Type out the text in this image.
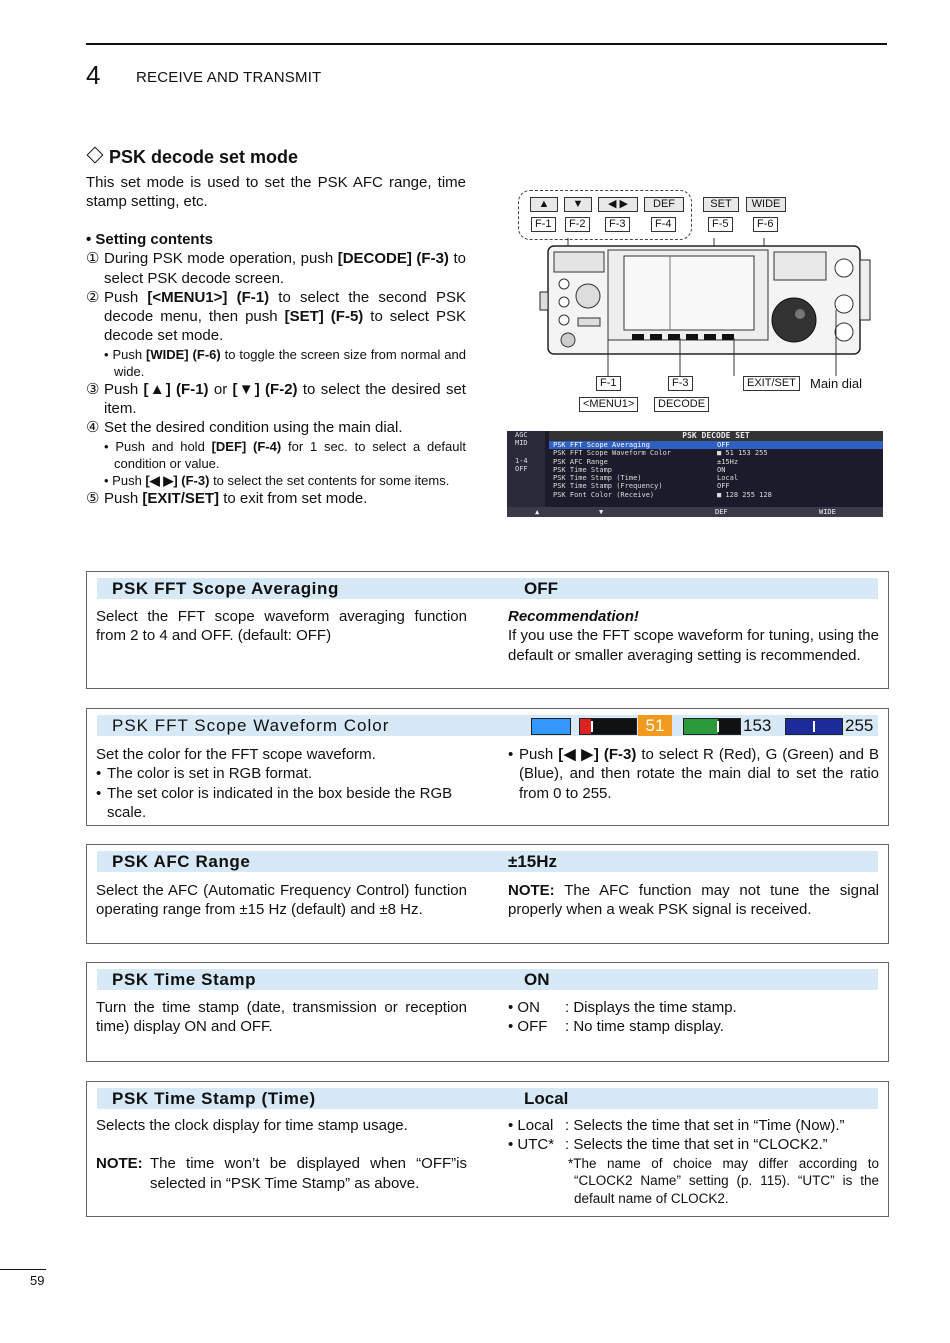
4 RECEIVE AND TRANSMIT
PSK decode set mode
This set mode is used to set the PSK AFC range, time stamp setting, etc.
• Setting contents
① During PSK mode operation, push [DECODE] (F-3) to select PSK decode screen.
② Push [<MENU1>] (F-1) to select the second PSK decode menu, then push [SET] (F-5) to select PSK decode set mode.
• Push [WIDE] (F-6) to toggle the screen size from normal and wide.
③ Push [▲] (F-1) or [▼] (F-2) to select the desired set item.
④ Set the desired condition using the main dial.
• Push and hold [DEF] (F-4) for 1 sec. to select a default condition or value.
• Push [◀ ▶] (F-3) to select the set contents for some items.
⑤ Push [EXIT/SET] to exit from set mode.
▲	▼	◀ ▶	DEF
F-1	F-2	F-3	F-4
SET	WIDE
F-5	F-6
F-1
<MENU1>
F-3
DECODE
EXIT/SET	Main dial
AGC
MID
1-4
OFF
PSK DECODE SET
PSK FFT Scope Averaging	OFF
PSK FFT Scope Waveform Color	■ 51 153 255
PSK AFC Range	±15Hz
PSK Time Stamp	ON
PSK Time Stamp (Time)	Local
PSK Time Stamp (Frequency)	OFF
PSK Font Color (Receive)	■ 128 255 128
▲	▼	DEF	WIDE
PSK FFT Scope Averaging	OFF
Select the FFT scope waveform averaging function from 2 to 4 and OFF. (default: OFF)
Recommendation!
If you use the FFT scope waveform for tuning, using the default or smaller averaging setting is recommended.
PSK FFT Scope Waveform Color	51	153	255
Set the color for the FFT scope waveform.
• The color is set in RGB format.
• The set color is indicated in the box beside the RGB scale.
• Push [◀ ▶] (F-3) to select R (Red), G (Green) and B (Blue), and then rotate the main dial to set the ratio from 0 to 255.
PSK AFC Range	±15Hz
Select the AFC (Automatic Frequency Control) function operating range from ±15 Hz (default) and ±8 Hz.
NOTE: The AFC function may not tune the signal properly when a weak PSK signal is received.
PSK Time Stamp	ON
Turn the time stamp (date, transmission or reception time) display ON and OFF.
• ON : Displays the time stamp.
• OFF : No time stamp display.
PSK Time Stamp (Time)	Local
Selects the clock display for time stamp usage.
NOTE: The time won’t be displayed when “OFF”is selected in “PSK Time Stamp” as above.
• Local : Selects the time that set in “Time (Now).”
• UTC* : Selects the time that set in “CLOCK2.”
*The name of choice may differ according to “CLOCK2 Name” setting (p. 115). “UTC” is the default name of CLOCK2.
59
